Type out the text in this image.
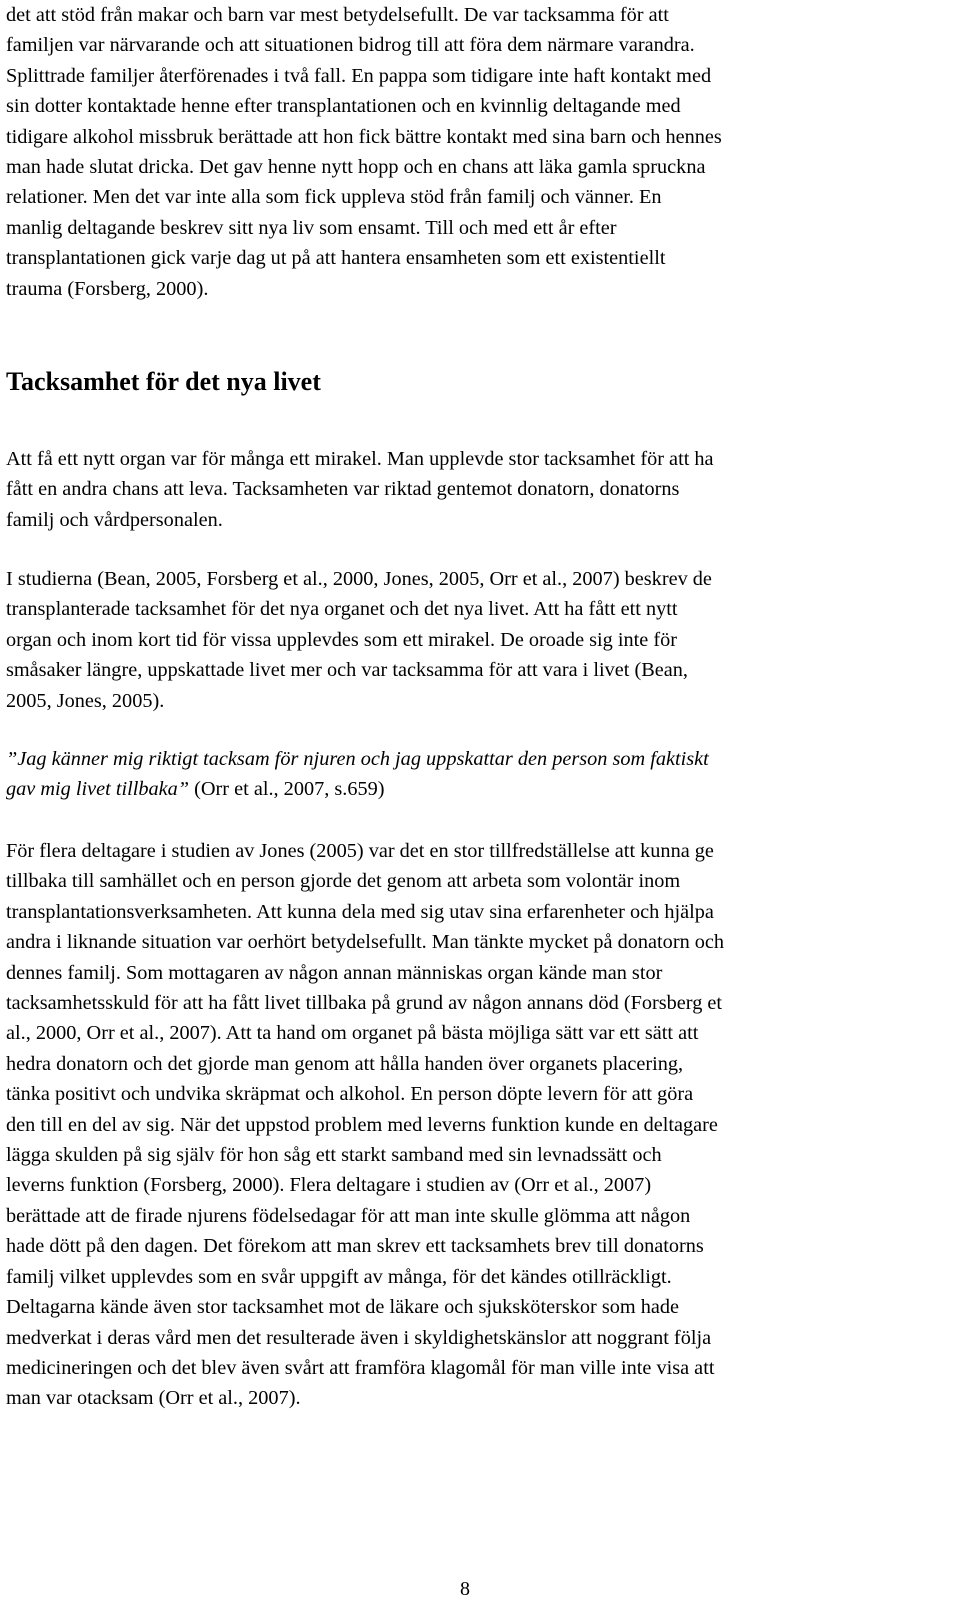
det att stöd från makar och barn var mest betydelsefullt. De var tacksamma för att
familjen var närvarande och att situationen bidrog till att föra dem närmare varandra.
Splittrade familjer återförenades i två fall. En pappa som tidigare inte haft kontakt med
sin dotter kontaktade henne efter transplantationen och en kvinnlig deltagande med
tidigare alkohol missbruk berättade att hon fick bättre kontakt med sina barn och hennes
man hade slutat dricka. Det gav henne nytt hopp och en chans att läka gamla spruckna
relationer. Men det var inte alla som fick uppleva stöd från familj och vänner. En
manlig deltagande beskrev sitt nya liv som ensamt. Till och med ett år efter
transplantationen gick varje dag ut på att hantera ensamheten som ett existentiellt
trauma (Forsberg, 2000).
Tacksamhet för det nya livet
Att få ett nytt organ var för många ett mirakel. Man upplevde stor tacksamhet för att ha
fått en andra chans att leva. Tacksamheten var riktad gentemot donatorn, donatorns
familj och vårdpersonalen.
I studierna (Bean, 2005, Forsberg et al., 2000, Jones, 2005, Orr et al., 2007) beskrev de
transplanterade tacksamhet för det nya organet och det nya livet. Att ha fått ett nytt
organ och inom kort tid för vissa upplevdes som ett mirakel. De oroade sig inte för
småsaker längre, uppskattade livet mer och var tacksamma för att vara i livet (Bean,
2005, Jones, 2005).
”Jag känner mig riktigt tacksam för njuren och jag uppskattar den person som faktiskt
gav mig livet tillbaka” (Orr et al., 2007, s.659)
För flera deltagare i studien av Jones (2005) var det en stor tillfredställelse att kunna ge
tillbaka till samhället och en person gjorde det genom att arbeta som volontär inom
transplantationsverksamheten. Att kunna dela med sig utav sina erfarenheter och hjälpa
andra i liknande situation var oerhört betydelsefullt. Man tänkte mycket på donatorn och
dennes familj. Som mottagaren av någon annan människas organ kände man stor
tacksamhetsskuld för att ha fått livet tillbaka på grund av någon annans död (Forsberg et
al., 2000, Orr et al., 2007). Att ta hand om organet på bästa möjliga sätt var ett sätt att
hedra donatorn och det gjorde man genom att hålla handen över organets placering,
tänka positivt och undvika skräpmat och alkohol. En person döpte levern för att göra
den till en del av sig. När det uppstod problem med leverns funktion kunde en deltagare
lägga skulden på sig själv för hon såg ett starkt samband med sin levnadssätt och
leverns funktion (Forsberg, 2000). Flera deltagare i studien av (Orr et al., 2007)
berättade att de firade njurens födelsedagar för att man inte skulle glömma att någon
hade dött på den dagen. Det förekom att man skrev ett tacksamhets brev till donatorns
familj vilket upplevdes som en svår uppgift av många, för det kändes otillräckligt.
Deltagarna kände även stor tacksamhet mot de läkare och sjuksköterskor som hade
medverkat i deras vård men det resulterade även i skyldighetskänslor att noggrant följa
medicineringen och det blev även svårt att framföra klagomål för man ville inte visa att
man var otacksam (Orr et al., 2007).
8
